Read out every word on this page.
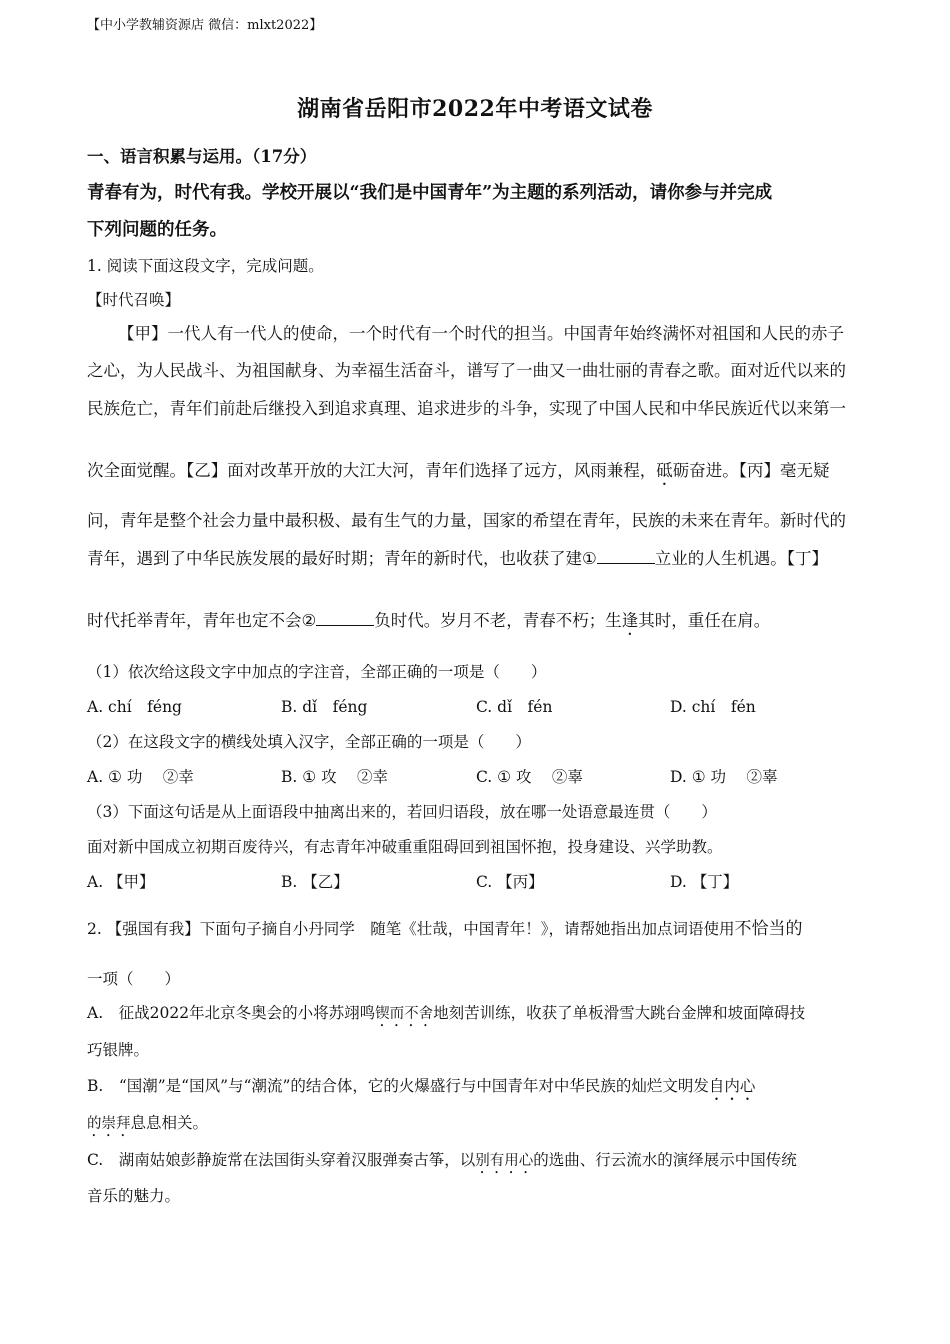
【中小学教辅资源店 微信：mlxt2022】
湖南省岳阳市2022年中考语文试卷
一、语言积累与运用。（17分）
青春有为，时代有我。学校开展以“我们是中国青年”为主题的系列活动，请你参与并完成
下列问题的任务。
1. 阅读下面这段文字，完成问题。
【时代召唤】
【甲】一代人有一代人的使命，一个时代有一个时代的担当。中国青年始终满怀对祖国和人民的赤子
之心，为人民战斗、为祖国献身、为幸福生活奋斗，谱写了一曲又一曲壮丽的青春之歌。面对近代以来的
民族危亡，青年们前赴后继投入到追求真理、追求进步的斗争，实现了中国人民和中华民族近代以来第一
次全面觉醒。【乙】面对改革开放的大江大河，青年们选择了远方，风雨兼程，砥砺奋进。【丙】毫无疑
问，青年是整个社会力量中最积极、最有生气的力量，国家的希望在青年，民族的未来在青年。新时代的
青年，遇到了中华民族发展的最好时期；青年的新时代，也收获了建①	立业的人生机遇。【丁】
时代托举青年，青年也定不会②	负时代。岁月不老，青春不朽；生逢其时，重任在肩。
（1）依次给这段文字中加点的字注音，全部正确的一项是（　　）
A. chí　féng	B. dǐ　féng	C. dǐ　fén	D. chí　fén
（2）在这段文字的横线处填入汉字，全部正确的一项是（　　）
A. ① 功　 ②幸	B. ① 攻　 ②幸	C. ① 攻　 ②辜	D. ① 功　 ②辜
（3）下面这句话是从上面语段中抽离出来的，若回归语段，放在哪一处语意最连贯（　　）
面对新中国成立初期百废待兴，有志青年冲破重重阻碍回到祖国怀抱，投身建设、兴学助教。
A. 【甲】	B. 【乙】	C. 【丙】	D. 【丁】
2. 【强国有我】下面句子摘自小丹同学　随笔《壮哉，中国青年！》，请帮她指出加点词语使用不恰当的
一项（　　）
A.　征战2022年北京冬奥会的小将苏翊鸣锲而不舍地刻苦训练，收获了单板滑雪大跳台金牌和坡面障碍技
巧银牌。
B.　“国潮”是“国风”与“潮流”的结合体，它的火爆盛行与中国青年对中华民族的灿烂文明发自内心
的崇拜息息相关。
C.　湖南姑娘彭静旋常在法国街头穿着汉服弹奏古筝，以别有用心的选曲、行云流水的演绎展示中国传统
音乐的魅力。
